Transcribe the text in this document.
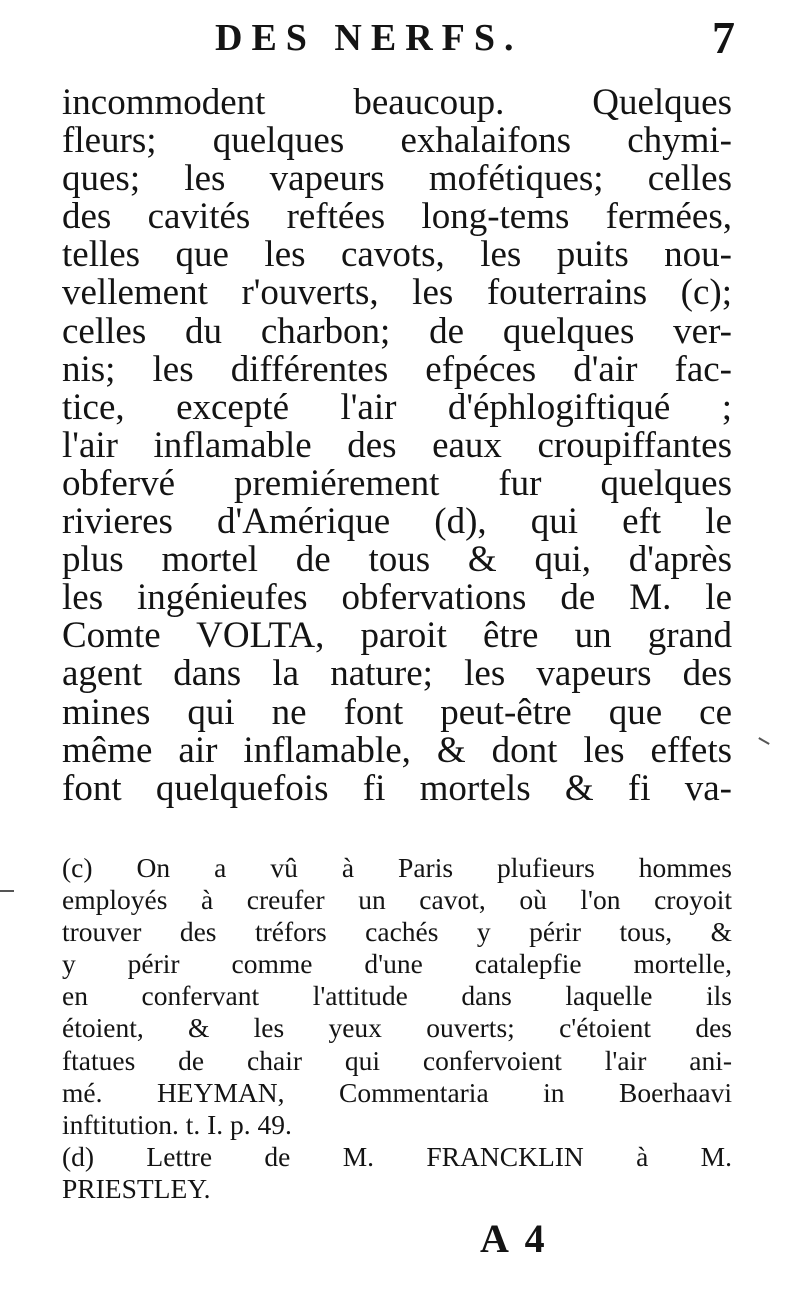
DES NERFS.	7
incommodent beaucoup. Quelques
fleurs; quelques exhalaifons chymi-
ques; les vapeurs mofétiques; celles
des cavités reftées long-tems fermées,
telles que les cavots, les puits nou-
vellement r'ouverts, les fouterrains (c);
celles du charbon; de quelques ver-
nis; les différentes efpéces d'air fac-
tice, excepté l'air d'éphlogiftiqué ;
l'air inflamable des eaux croupiffantes
obfervé premiérement fur quelques
rivieres d'Amérique (d), qui eft le
plus mortel de tous & qui, d'après
les ingénieufes obfervations de M. le
Comte VOLTA, paroit être un grand
agent dans la nature; les vapeurs des
mines qui ne font peut-être que ce
même air inflamable, & dont les effets
font quelquefois fi mortels & fi va-
(c) On a vû à Paris plufieurs hommes
employés à creufer un cavot, où l'on croyoit
trouver des tréfors cachés y périr tous, &
y périr comme d'une catalepfie mortelle,
en confervant l'attitude dans laquelle ils
étoient, & les yeux ouverts; c'étoient des
ftatues de chair qui confervoient l'air ani-
mé. HEYMAN, Commentaria in Boerhaavi
inftitution. t. I. p. 49.
(d) Lettre de M. FRANCKLIN à M.
PRIESTLEY.
A 4
